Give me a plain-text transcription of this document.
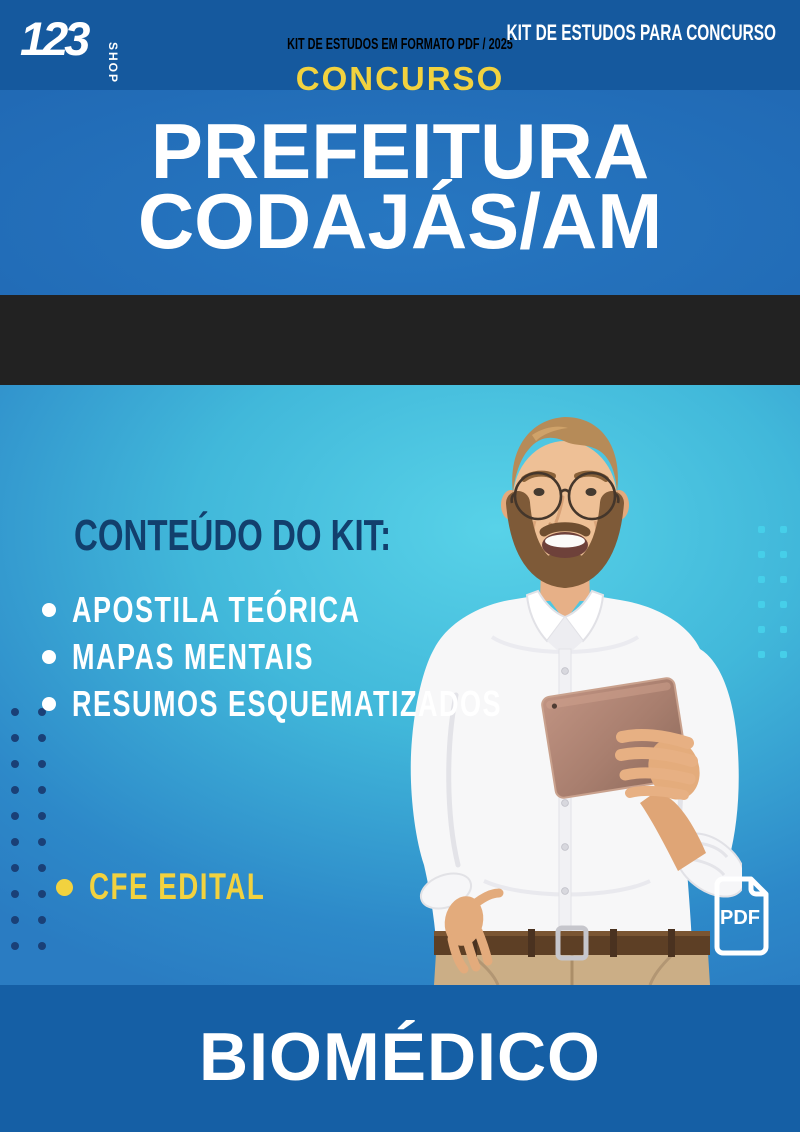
KIT DE ESTUDOS EM FORMATO PDF / 2025
123 SHOP
KIT DE ESTUDOS PARA CONCURSO
CONCURSO
PREFEITURA
CODAJÁS/AM
CONTEÚDO DO KIT:
APOSTILA TEÓRICA
MAPAS MENTAIS
RESUMOS ESQUEMATIZADOS
CFE EDITAL
PDF
BIOMÉDICO
